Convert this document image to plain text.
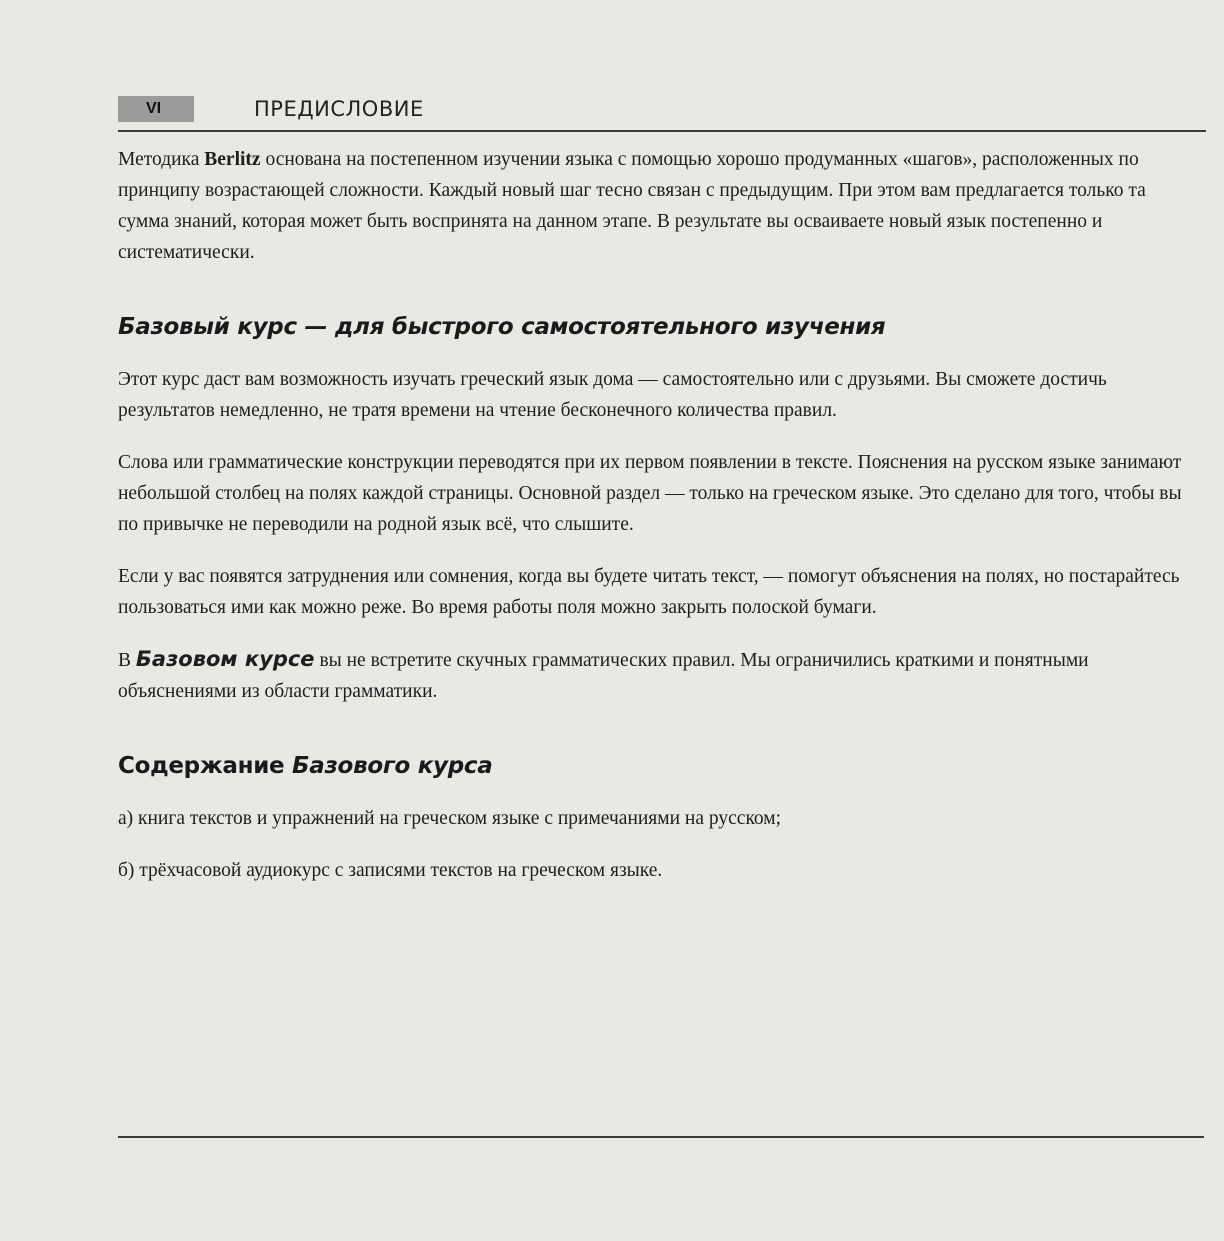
VI	ПРЕДИСЛОВИЕ

Методика Berlitz основана на постепенном изучении языка с помощью хорошо продуманных «шагов», расположенных по принципу возрастающей сложности. Каждый новый шаг тесно связан с предыдущим. При этом вам предлагается только та сумма знаний, которая может быть воспринята на данном этапе. В результате вы осваиваете новый язык постепенно и систематически.

Базовый курс — для быстрого самостоятельного изучения

Этот курс даст вам возможность изучать греческий язык дома — самостоятельно или с друзьями. Вы сможете достичь результатов немедленно, не тратя времени на чтение бесконечного количества правил.

Слова или грамматические конструкции переводятся при их первом появлении в тексте. Пояснения на русском языке занимают небольшой столбец на полях каждой страницы. Основной раздел — только на греческом языке. Это сделано для того, чтобы вы по привычке не переводили на родной язык всё, что слышите.

Если у вас появятся затруднения или сомнения, когда вы будете читать текст, — помогут объяснения на полях, но постарайтесь пользоваться ими как можно реже. Во время работы поля можно закрыть полоской бумаги.

В Базовом курсе вы не встретите скучных грамматических правил. Мы ограничились краткими и понятными объяснениями из области грамматики.

Содержание Базового курса

а) книга текстов и упражнений на греческом языке с примечаниями на русском;

б) трёхчасовой аудиокурс с записями текстов на греческом языке.
